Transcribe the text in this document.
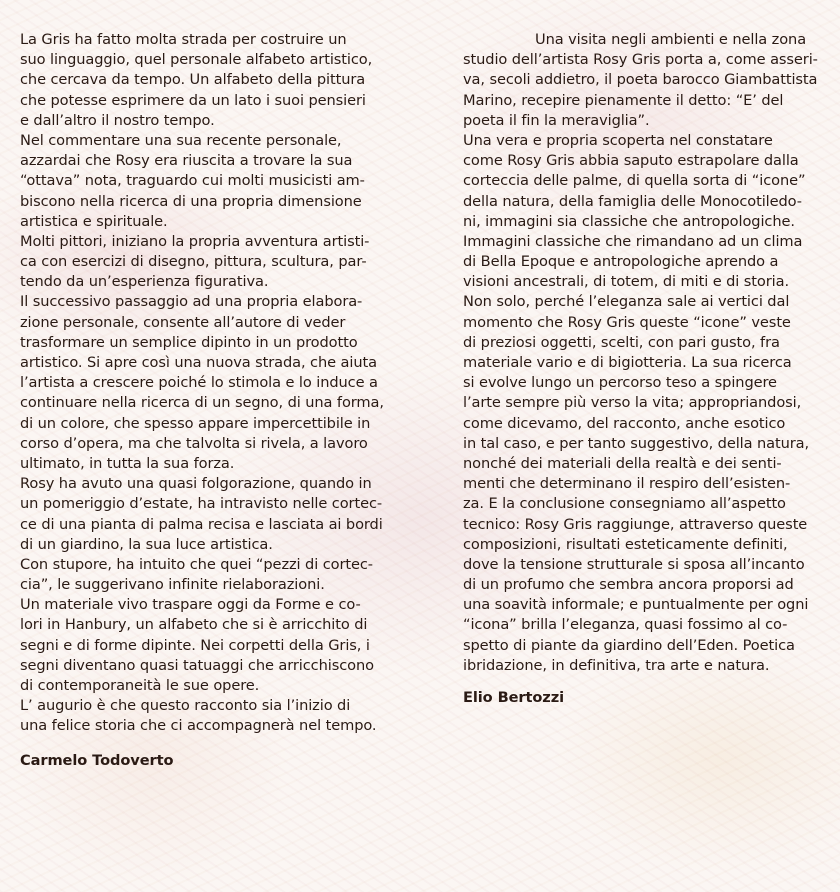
La Gris ha fatto molta strada per costruire un
suo linguaggio, quel personale alfabeto artistico,
che cercava da tempo. Un alfabeto della pittura
che potesse esprimere da un lato i suoi pensieri
e dall’altro il nostro tempo.
Nel commentare una sua recente personale,
azzardai che Rosy era riuscita a trovare la sua
“ottava” nota, traguardo cui molti musicisti am-
biscono nella ricerca di una propria dimensione
artistica e spirituale.
Molti pittori, iniziano la propria avventura artisti-
ca con esercizi di disegno, pittura, scultura, par-
tendo da un’esperienza figurativa.
Il successivo passaggio ad una propria elabora-
zione personale, consente all’autore di veder
trasformare un semplice dipinto in un prodotto
artistico. Si apre così una nuova strada, che aiuta
l’artista a crescere poiché lo stimola e lo induce a
continuare nella ricerca di un segno, di una forma,
di un colore, che spesso appare impercettibile in
corso d’opera, ma che talvolta si rivela, a lavoro
ultimato, in tutta la sua forza.
Rosy ha avuto una quasi folgorazione, quando in
un pomeriggio d’estate, ha intravisto nelle cortec-
ce di una pianta di palma recisa e lasciata ai bordi
di un giardino, la sua luce artistica.
Con stupore, ha intuito che quei “pezzi di cortec-
cia”, le suggerivano infinite rielaborazioni.
Un materiale vivo traspare oggi da Forme e co-
lori in Hanbury, un alfabeto che si è arricchito di
segni e di forme dipinte. Nei corpetti della Gris, i
segni diventano quasi tatuaggi che arricchiscono
di contemporaneità le sue opere.
L’ augurio è che questo racconto sia l’inizio di
una felice storia che ci accompagnerà nel tempo.
Carmelo Todoverto
Una visita negli ambienti e nella zona
studio dell’artista Rosy Gris porta a, come asseri-
va, secoli addietro, il poeta barocco Giambattista
Marino, recepire pienamente il detto: “E’ del
poeta il fin la meraviglia”.
Una vera e propria scoperta nel constatare
come Rosy Gris abbia saputo estrapolare dalla
corteccia delle palme, di quella sorta di “icone”
della natura, della famiglia delle Monocotiledo-
ni, immagini sia classiche che antropologiche.
Immagini classiche che rimandano ad un clima
di Bella Epoque e antropologiche aprendo a
visioni ancestrali, di totem, di miti e di storia.
Non solo, perché l’eleganza sale ai vertici dal
momento che Rosy Gris queste “icone” veste
di preziosi oggetti, scelti, con pari gusto, fra
materiale vario e di bigiotteria. La sua ricerca
si evolve lungo un percorso teso a spingere
l’arte sempre più verso la vita; appropriandosi,
come dicevamo, del racconto, anche esotico
in tal caso, e per tanto suggestivo, della natura,
nonché dei materiali della realtà e dei senti-
menti che determinano il respiro dell’esisten-
za. E la conclusione consegniamo all’aspetto
tecnico: Rosy Gris raggiunge, attraverso queste
composizioni, risultati esteticamente definiti,
dove la tensione strutturale si sposa all’incanto
di un profumo che sembra ancora proporsi ad
una soavità informale; e puntualmente per ogni
“icona” brilla l’eleganza, quasi fossimo al co-
spetto di piante da giardino dell’Eden. Poetica
ibridazione, in definitiva, tra arte e natura.
Elio Bertozzi
